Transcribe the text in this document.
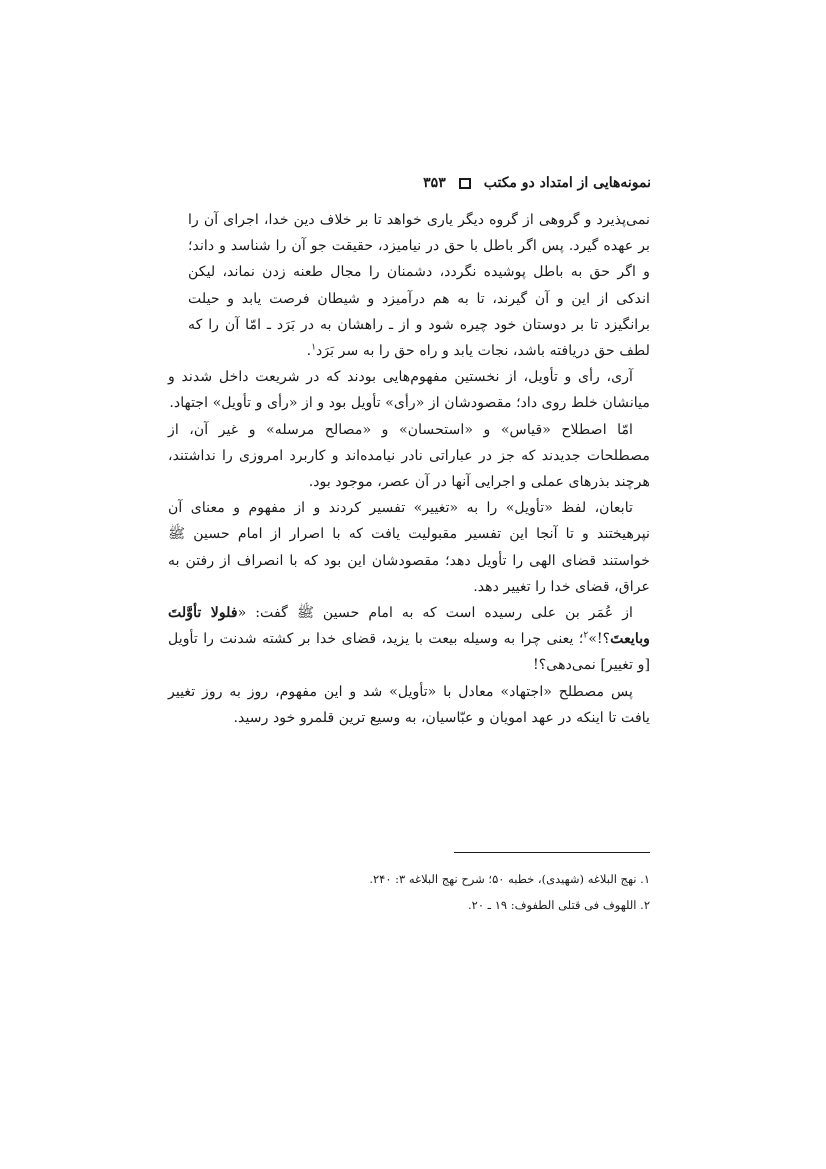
نمونه‌هایی از امتداد دو مکتب
۳۵۳

نمی‌پذیرد و گروهی از گروه دیگر یاری خواهد تا بر خلاف دین خدا، اجرای آن را بر عهده گیرد. پس اگر باطل با حق در نیامیزد، حقیقت جو آن را شناسد و داند؛ و اگر حق به باطل پوشیده نگردد، دشمنان را مجال طعنه زدن نماند، لیکن اندکی از این و آن گیرند، تا به هم درآمیزد و شیطان فرصت یابد و حیلت برانگیزد تا بر دوستان خود چیره شود و از ـ راهشان به در بَرَد ـ امّا آن را که لطف حق دریافته باشد، نجات یابد و راه حق را به سر بَرَد$^۱$.

آری، رأی و تأویل، از نخستین مفهوم‌هایی بودند که در شریعت داخل شدند و میانشان خلط روی داد؛ مقصودشان از «رأی» تأویل بود و از «رأی و تأویل» اجتهاد.

امّا اصطلاح «قیاس» و «استحسان» و «مصالح مرسله» و غیر آن، از مصطلحات جدیدند که جز در عباراتی نادر نیامده‌اند و کاربرد امروزی را نداشتند، هرچند بذرهای عملی و اجرایی آنها در آن عصر، موجود بود.

تابعان، لفظ «تأویل» را به «تغییر» تفسیر کردند و از مفهوم و معنای آن نپرهیختند و تا آنجا این تفسیر مقبولیت یافت که با اصرار از امام حسین ﷺ خواستند قضای الهی را تأویل دهد؛ مقصودشان این بود که با انصراف از رفتن به عراق، قضای خدا را تغییر دهد.

از عُمَر بن علی رسیده است که به امام حسین ﷺ گفت: «فلولا تأوَّلتَ وبایعتَ؟!»$^۲$؛ یعنی چرا به وسیله بیعت با یزید، قضای خدا بر کشته شدنت را تأویل [و تغییر] نمی‌دهی؟!

پس مصطلح «اجتهاد» معادل با «تأویل» شد و این مفهوم، روز به روز تغییر یافت تا اینکه در عهد امویان و عبّاسیان، به وسیع ترین قلمرو خود رسید.

۱. نهج البلاغه (شهیدی)، خطبه ۵۰؛ شرح نهج البلاغه ۳: ۲۴۰.

۲. اللهوف فی قتلی الطفوف: ۱۹ ـ ۲۰.
